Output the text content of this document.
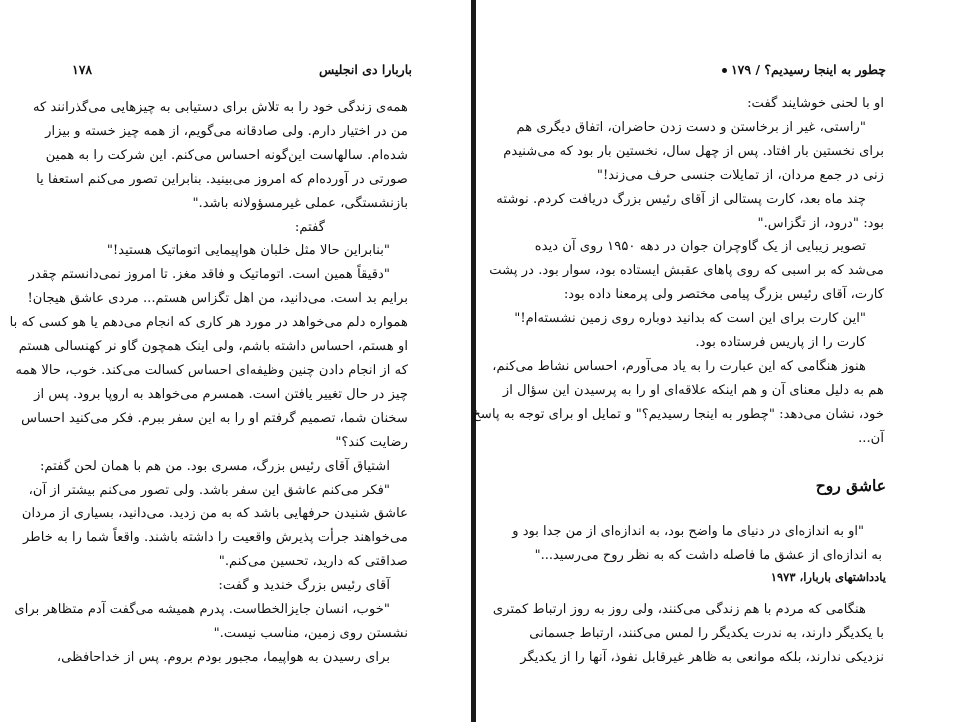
باربارا دی انجلیس
۱۷۸
همه‌ی زندگی خود را به تلاش برای دستیابی به چیزهایی می‌گذرانند که
من در اختیار دارم. ولی صادقانه می‌گویم، از همه چیز خسته و بیزار
شده‌ام. سالهاست این‌گونه احساس می‌کنم. این شرکت را به همین
صورتی در آورده‌ام که امروز می‌بینید. بنابراین تصور می‌کنم استعفا یا
بازنشستگی، عملی غیرمسؤولانه باشد."
گفتم:
"بنابراین حالا مثل خلبان هواپیمایی اتوماتیک هستید!"
"دقیقاً همین است. اتوماتیک و فاقد مغز. تا امروز نمی‌دانستم چقدر
برایم بد است. می‌دانید، من اهل تگزاس هستم... مردی عاشق هیجان!
همواره دلم می‌خواهد در مورد هر کاری که انجام می‌دهم یا هو کسی که با
او هستم، احساس داشته باشم، ولی اینک همچون گاو نر کهنسالی هستم
که از انجام دادن چنین وظیفه‌ای احساس کسالت می‌کند. خوب، حالا همه
چیز در حال تغییر یافتن است. همسرم می‌خواهد به اروپا برود. پس از
سخنان شما، تصمیم گرفتم او را به این سفر ببرم. فکر می‌کنید احساس
رضایت کند؟"
اشتیاق آقای رئیس بزرگ، مسری بود. من هم با همان لحن گفتم:
"فکر می‌کنم عاشق این سفر باشد. ولی تصور می‌کنم بیشتر از آن،
عاشق شنیدن حرفهایی باشد که به من زدید. می‌دانید، بسیاری از مردان
می‌خواهند جرأت پذیرش واقعیت را داشته باشند. واقعاً شما را به خاطر
صداقتی که دارید، تحسین می‌کنم."
آقای رئیس بزرگ خندید و گفت:
"خوب، انسان جایزالخطاست. پدرم همیشه می‌گفت آدم متظاهر برای
نشستن روی زمین، مناسب نیست."
برای رسیدن به هواپیما، مجبور بودم بروم. پس از خداحافظی،
چطور به اینجا رسیدیم؟ / ۱۷۹
او با لحنی خوشایند گفت:
"راستی، غیر از برخاستن و دست زدن حاضران، اتفاق دیگری هم
برای نخستین بار افتاد. پس از چهل سال، نخستین بار بود که می‌شنیدم
زنی در جمع مردان، از تمایلات جنسی حرف می‌زند!"
چند ماه بعد، کارت پستالی از آقای رئیس بزرگ دریافت کردم. نوشته
بود: "درود، از تگزاس."
تصویر زیبایی از یک گاوچران جوان در دهه ۱۹۵۰ روی آن دیده
می‌شد که بر اسبی که روی پاهای عقبش ایستاده بود، سوار بود. در پشت
کارت، آقای رئیس بزرگ پیامی مختصر ولی پرمعنا داده بود:
"این کارت برای این است که بدانید دوباره روی زمین نشسته‌ام!"
کارت را از پاریس فرستاده بود.
هنوز هنگامی که این عبارت را به یاد می‌آورم، احساس نشاط می‌کنم،
هم به دلیل معنای آن و هم اینکه علاقه‌ای او را به پرسیدن این سؤال از
خود، نشان می‌دهد: "چطور به اینجا رسیدیم؟" و تمایل او برای توجه به پاسخ
آن...
عاشق روح
"او به اندازه‌ای در دنیای ما واضح بود، به اندازه‌ای از من جدا بود و
به اندازه‌ای از عشق ما فاصله داشت که به نظر روح می‌رسید..."
یادداشتهای باربارا، ۱۹۷۳
هنگامی که مردم با هم زندگی می‌کنند، ولی روز به روز ارتباط کمتری
با یکدیگر دارند، به ندرت یکدیگر را لمس می‌کنند، ارتباط جسمانی
نزدیکی ندارند، بلکه موانعی به ظاهر غیرقابل نفوذ، آنها را از یکدیگر
